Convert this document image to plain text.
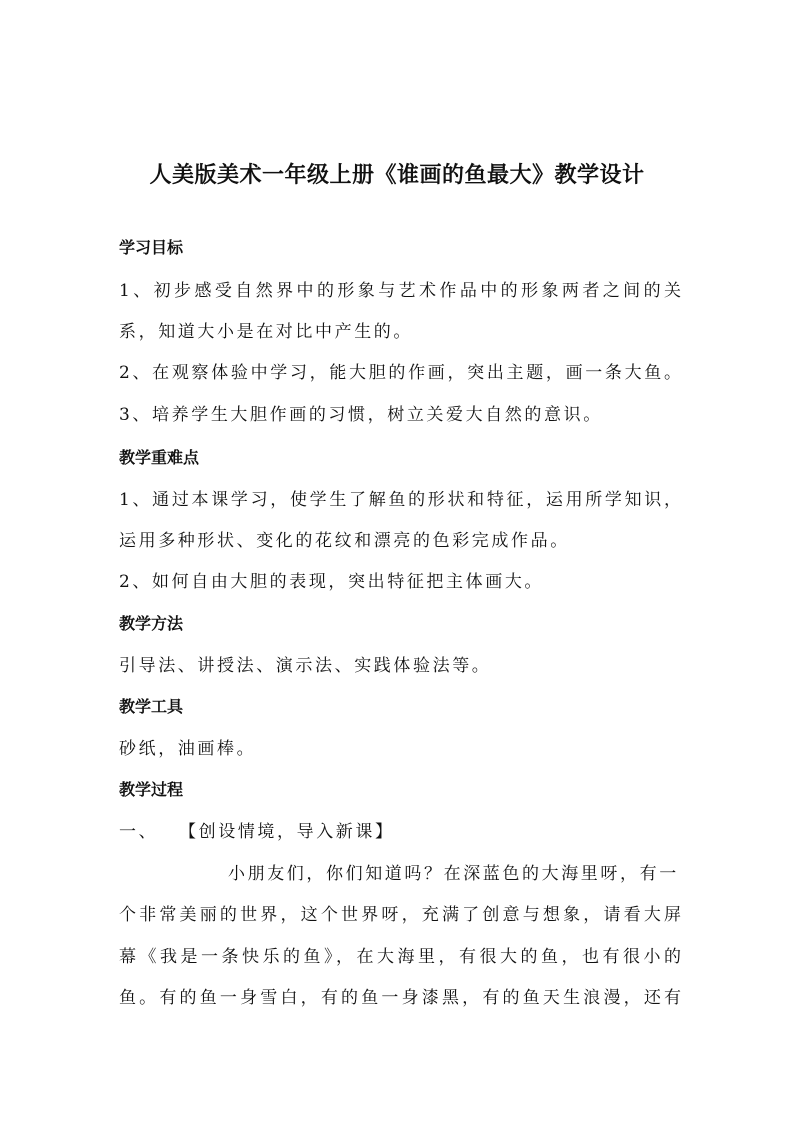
人美版美术一年级上册《谁画的鱼最大》教学设计
学习目标
1、初步感受自然界中的形象与艺术作品中的形象两者之间的关
系，知道大小是在对比中产生的。
2、在观察体验中学习，能大胆的作画，突出主题，画一条大鱼。
3、培养学生大胆作画的习惯，树立关爱大自然的意识。
教学重难点
1、通过本课学习，使学生了解鱼的形状和特征，运用所学知识，
运用多种形状、变化的花纹和漂亮的色彩完成作品。
2、如何自由大胆的表现，突出特征把主体画大。
教学方法
引导法、讲授法、演示法、实践体验法等。
教学工具
砂纸，油画棒。
教学过程
一、 【创设情境，导入新课】
小朋友们，你们知道吗？在深蓝色的大海里呀，有一
个非常美丽的世界，这个世界呀，充满了创意与想象，请看大屏
幕《我是一条快乐的鱼》，在大海里，有很大的鱼，也有很小的
鱼。有的鱼一身雪白，有的鱼一身漆黑，有的鱼天生浪漫，还有
